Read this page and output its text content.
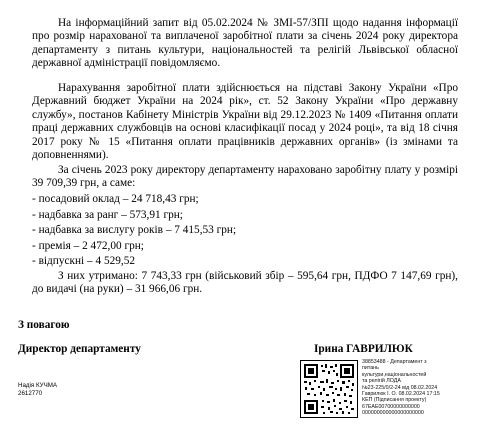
На інформаційний запит від 05.02.2024 № ЗМІ-57/ЗПІ щодо надання інформації про розмір нарахованої та виплаченої заробітної плати за січень 2024 року директора департаменту з питань культури, національностей та релігій Львівської обласної державної адміністрації повідомляємо.
Нарахування заробітної плати здійснюється на підставі Закону України «Про Державний бюджет України на 2024 рік», ст. 52 Закону України «Про державну службу», постанов Кабінету Міністрів України від 29.12.2023 № 1409 «Питання оплати праці державних службовців на основі класифікації посад у 2024 році», та від 18 січня 2017 року № 15 «Питання оплати працівників державних органів» (із змінами та доповненнями).
За січень 2023 року директору департаменту нараховано заробітну плату у розмірі 39 709,39 грн, а саме:
- посадовий оклад – 24 718,43 грн;
- надбавка за ранг – 573,91 грн;
- надбавка за вислугу років – 7 415,53 грн;
- премія – 2 472,00 грн;
- відпускні – 4 529,52
З них утримано: 7 743,33 грн (військовий збір – 595,64 грн, ПДФО 7 147,69 грн), до видачі (на руки) – 31 966,06 грн.
З повагою
Директор департаменту	Ірина ГАВРИЛЮК
Надія КУЧМА
2612770
38853488 - Департамент з
питань
культури,національностей
та релігій ЛОДА
№23-225/0/2-24 від 08.02.2024
Гаврилюк І. О. 08.02.2024 17:15
КЕП (Підписання проекту)
67EAE00700000000000
000000000000000000000
